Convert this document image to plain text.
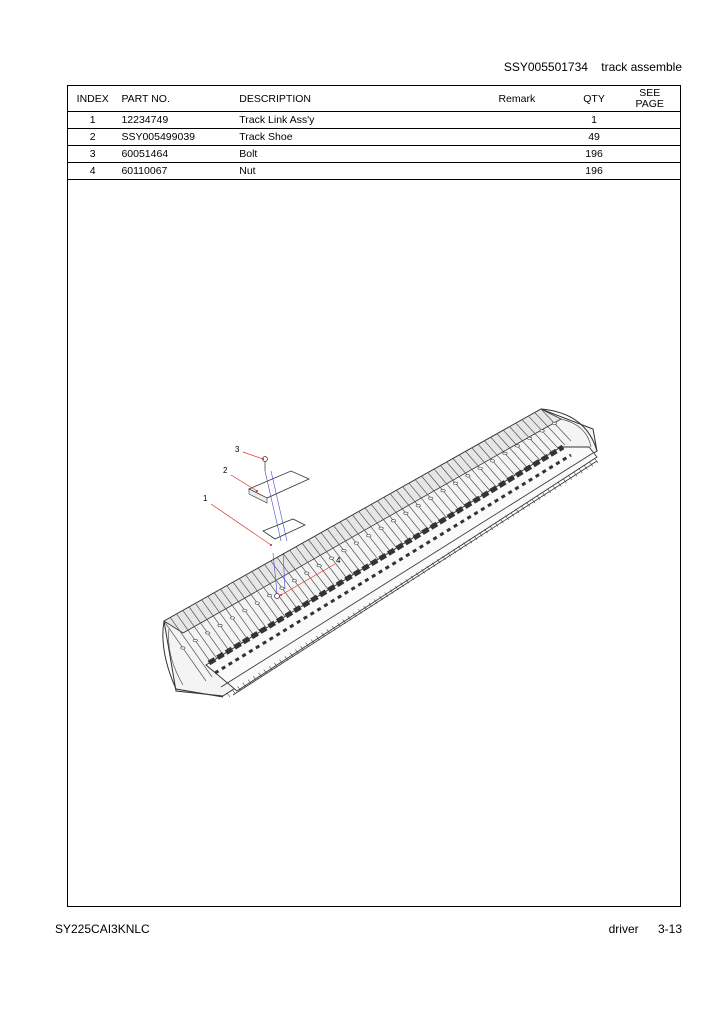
SSY005501734 track assemble
INDEX	PART NO.	DESCRIPTION	Remark	QTY	SEE
PAGE
1	12234749	Track Link Ass'y		1	
2	SSY005499039	Track Shoe		49	
3	60051464	Bolt		196	
4	60110067	Nut		196	
1
2
3
4
SY225CAI3KNLC	driver 3-13
